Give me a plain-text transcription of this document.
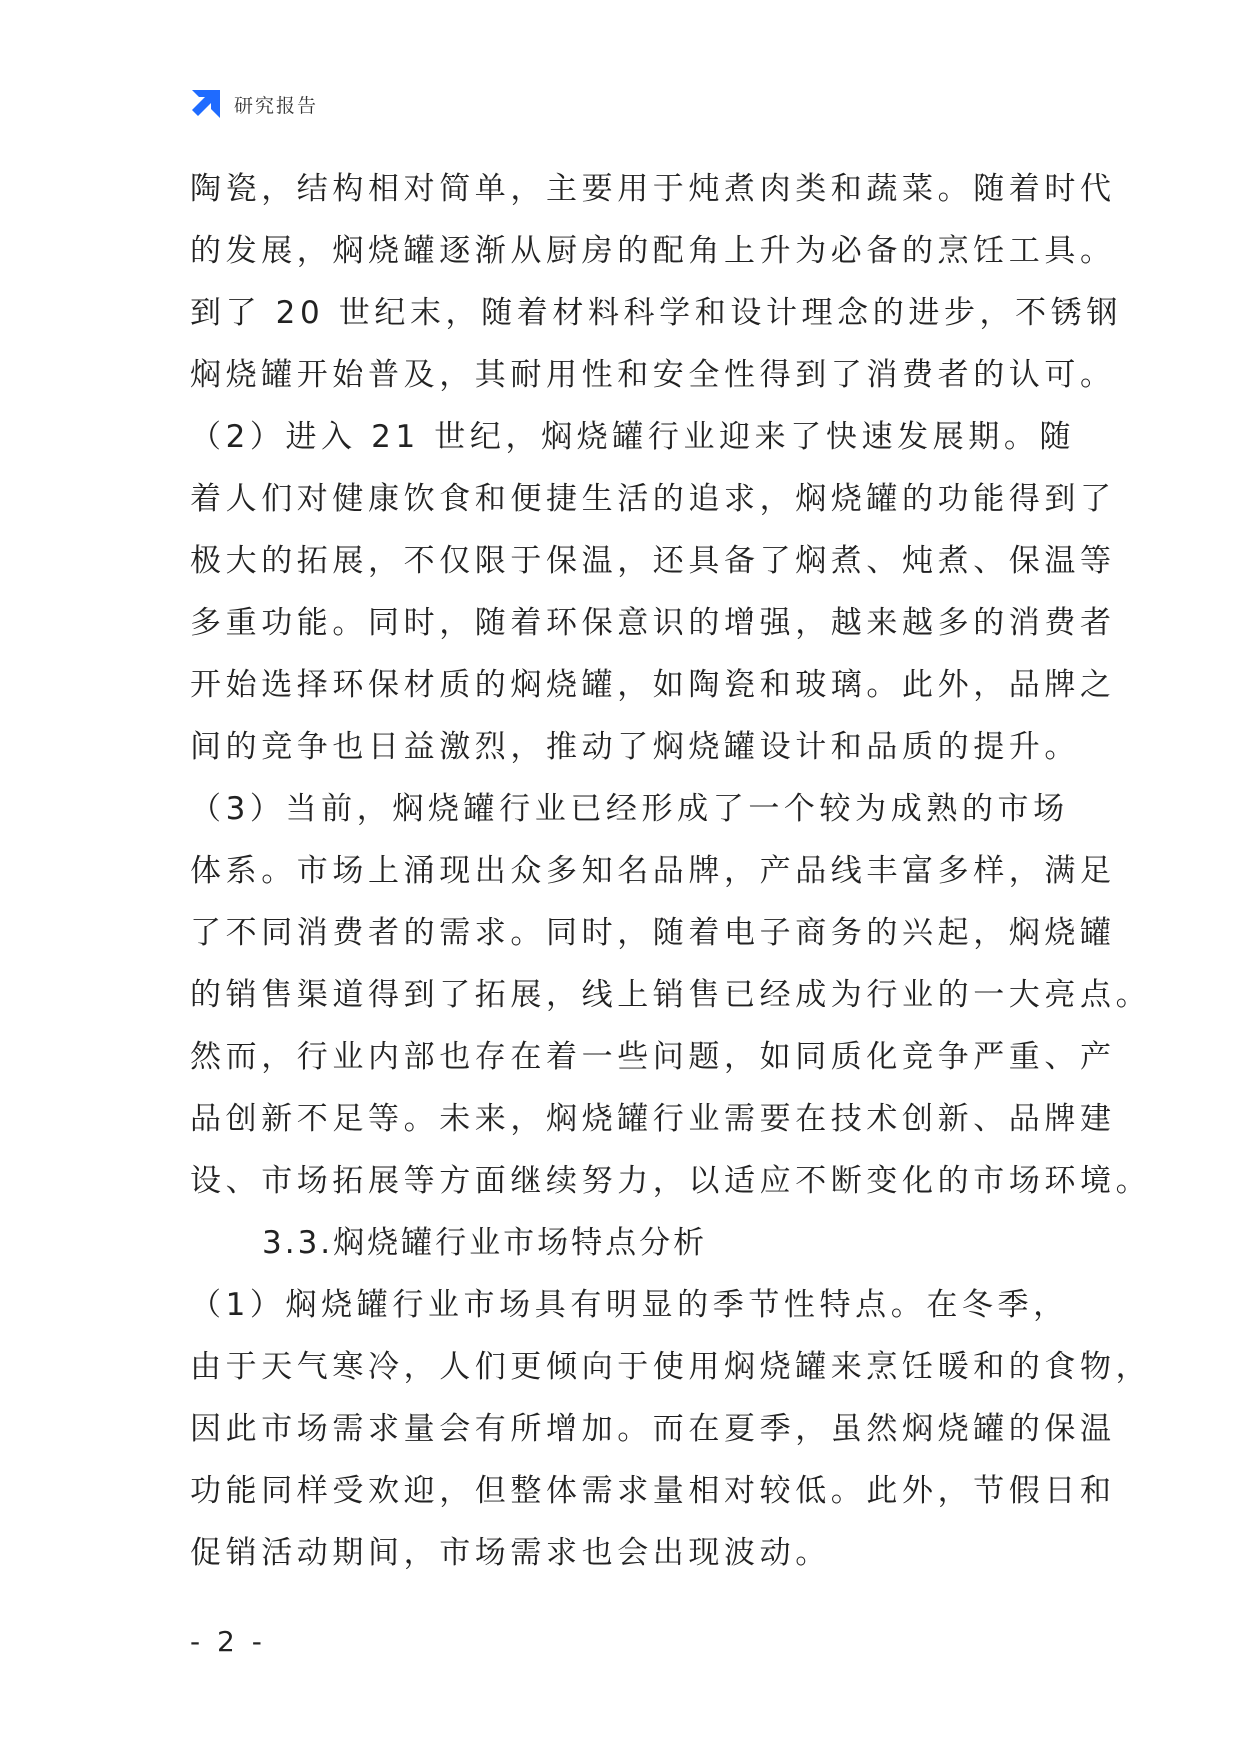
研究报告
陶瓷，结构相对简单，主要用于炖煮肉类和蔬菜。随着时代
的发展，焖烧罐逐渐从厨房的配角上升为必备的烹饪工具。
到了 20 世纪末，随着材料科学和设计理念的进步，不锈钢
焖烧罐开始普及，其耐用性和安全性得到了消费者的认可。
（2）进入 21 世纪，焖烧罐行业迎来了快速发展期。随
着人们对健康饮食和便捷生活的追求，焖烧罐的功能得到了
极大的拓展，不仅限于保温，还具备了焖煮、炖煮、保温等
多重功能。同时，随着环保意识的增强，越来越多的消费者
开始选择环保材质的焖烧罐，如陶瓷和玻璃。此外，品牌之
间的竞争也日益激烈，推动了焖烧罐设计和品质的提升。
（3）当前，焖烧罐行业已经形成了一个较为成熟的市场
体系。市场上涌现出众多知名品牌，产品线丰富多样，满足
了不同消费者的需求。同时，随着电子商务的兴起，焖烧罐
的销售渠道得到了拓展，线上销售已经成为行业的一大亮点。
然而，行业内部也存在着一些问题，如同质化竞争严重、产
品创新不足等。未来，焖烧罐行业需要在技术创新、品牌建
设、市场拓展等方面继续努力，以适应不断变化的市场环境。
3.3.焖烧罐行业市场特点分析
（1）焖烧罐行业市场具有明显的季节性特点。在冬季，
由于天气寒冷，人们更倾向于使用焖烧罐来烹饪暖和的食物，
因此市场需求量会有所增加。而在夏季，虽然焖烧罐的保温
功能同样受欢迎，但整体需求量相对较低。此外，节假日和
促销活动期间，市场需求也会出现波动。
- 2 -
